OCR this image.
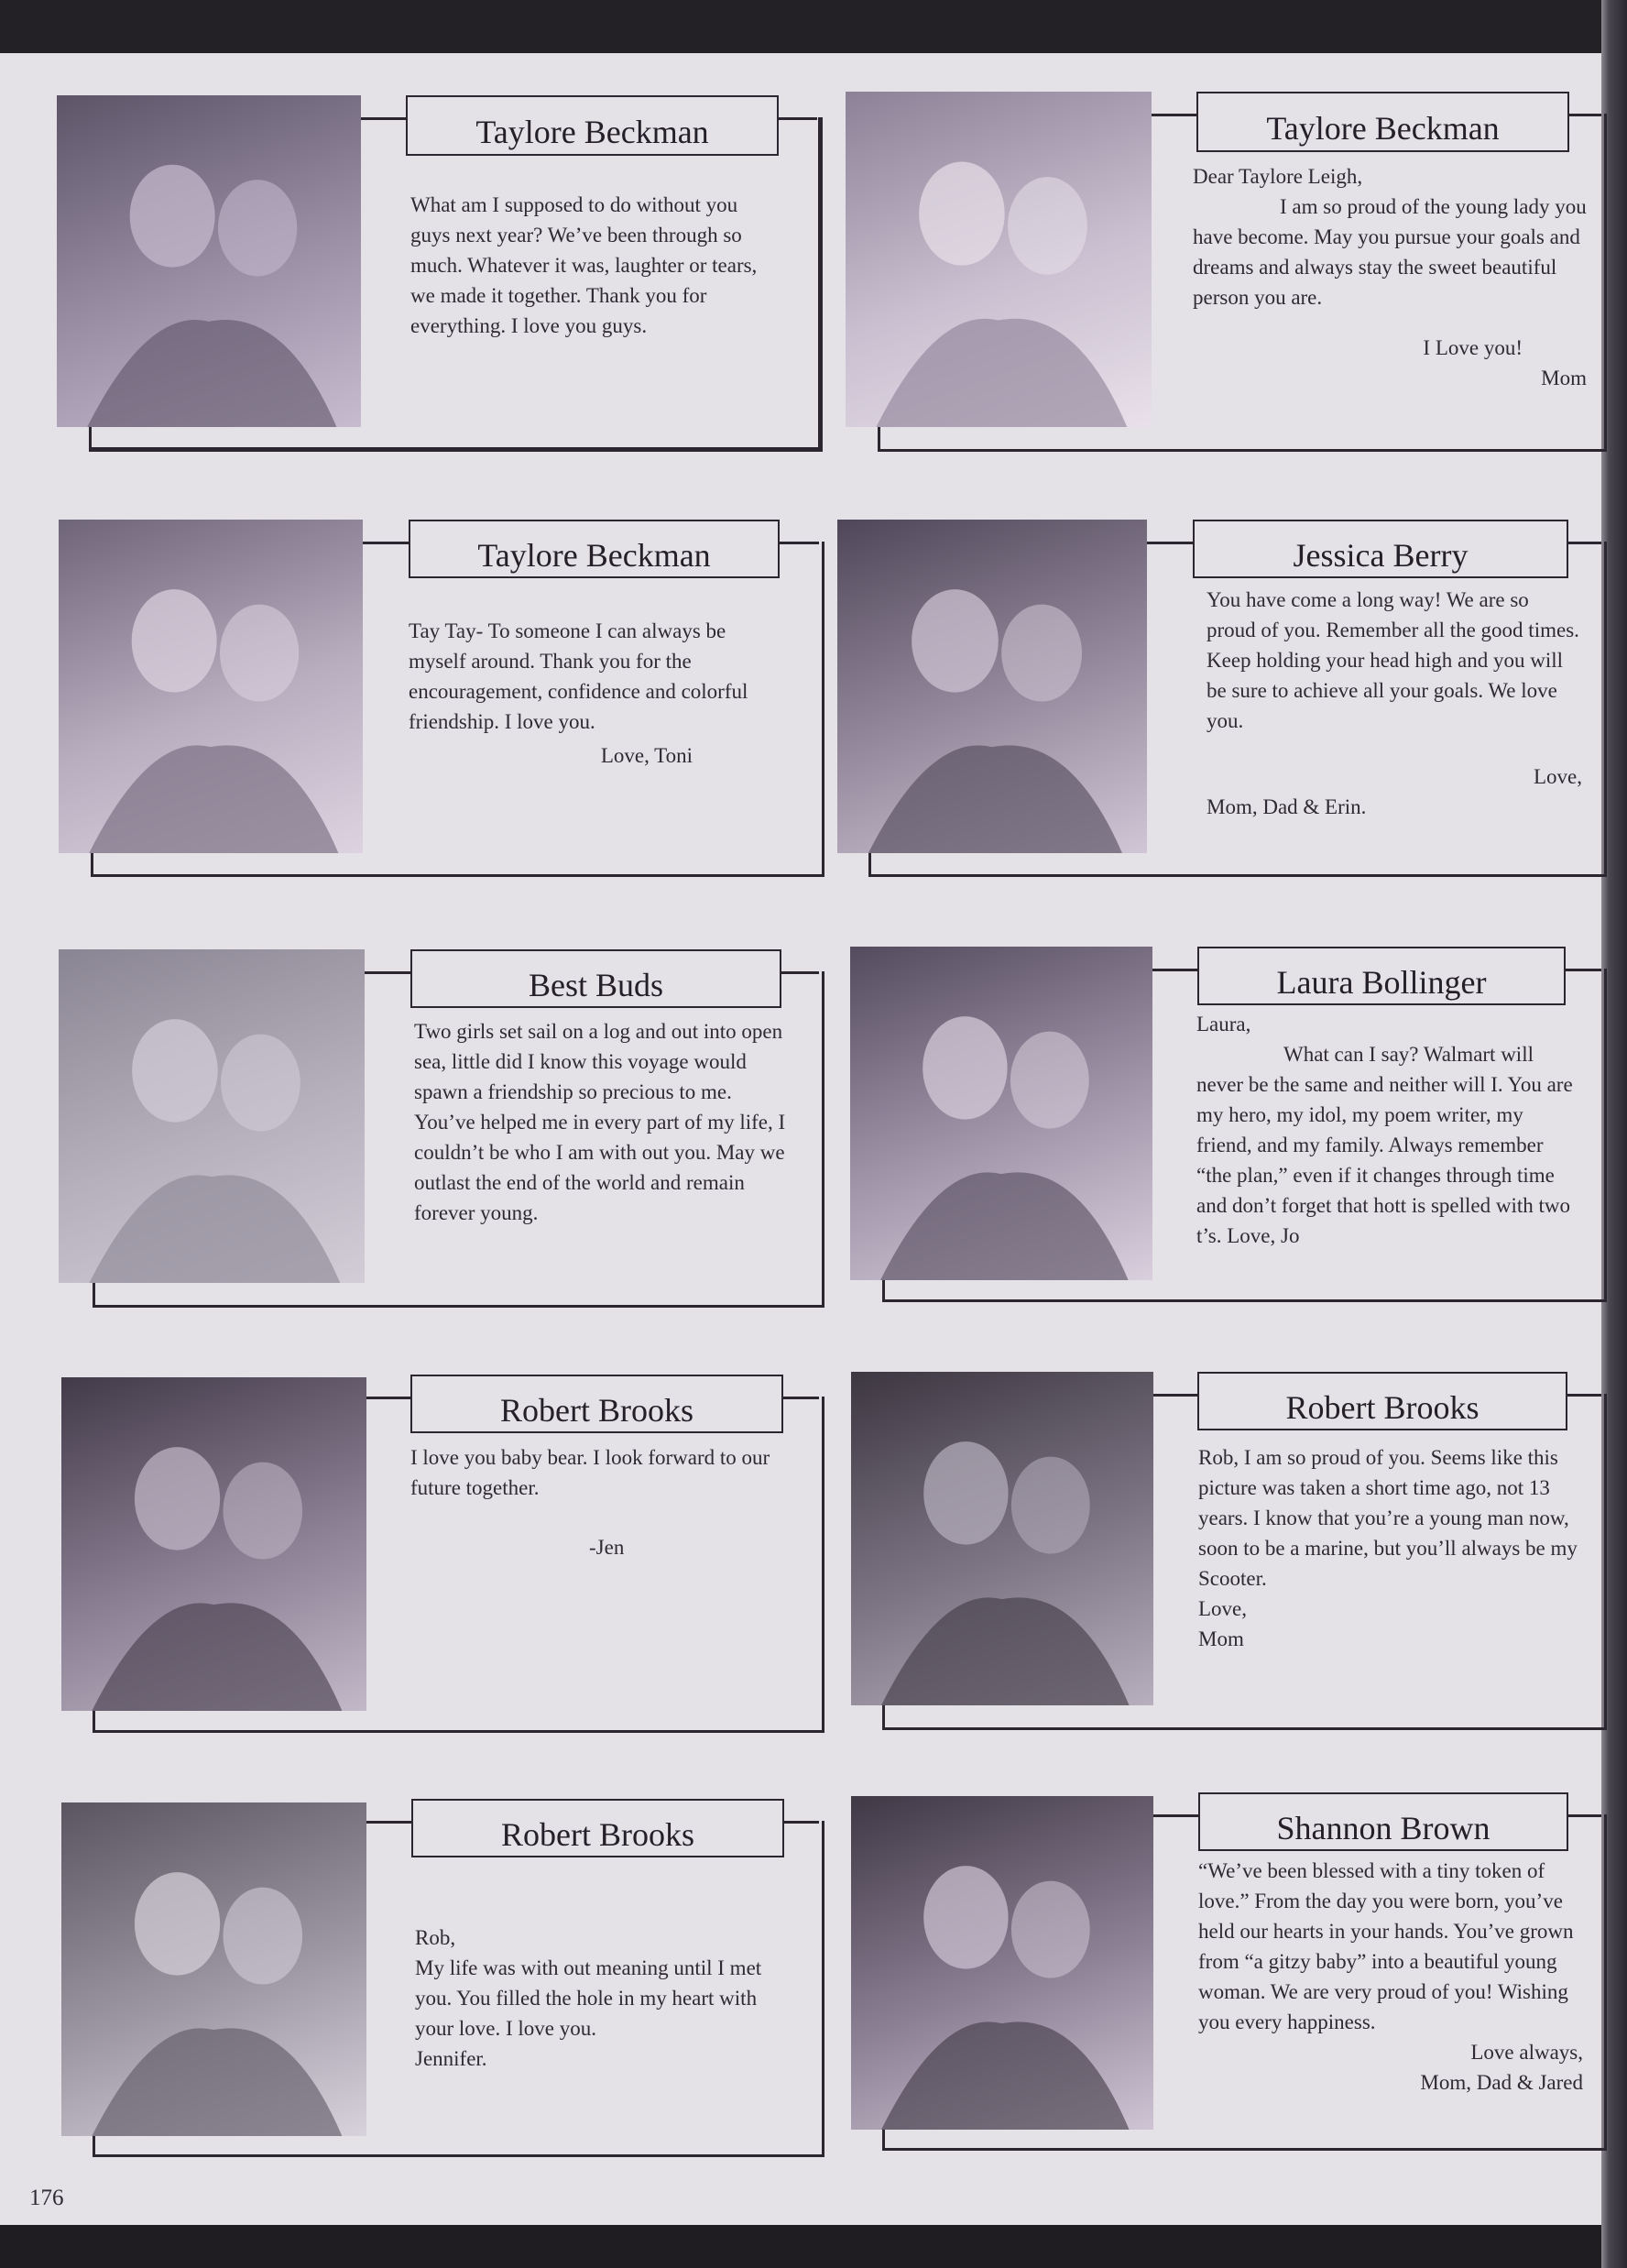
Taylore Beckman

What am I supposed to do without you guys next year? We’ve been through so much. Whatever it was, laughter or tears, we made it together. Thank you for everything. I love you guys.

Taylore Beckman

Dear Taylore Leigh,

I am so proud of the young lady you have become. May you pursue your goals and dreams and always stay the sweet beautiful person you are.

I Love you!

Mom

Taylore Beckman

Tay Tay- To someone I can always be myself around. Thank you for the encouragement, confidence and colorful friendship. I love you.

Love, Toni

Jessica Berry

You have come a long way! We are so proud of you. Remember all the good times. Keep holding your head high and you will be sure to achieve all your goals. We love you.

Love,

Mom, Dad & Erin.

Best Buds

Two girls set sail on a log and out into open sea, little did I know this voyage would spawn a friendship so precious to me. You’ve helped me in every part of my life, I couldn’t be who I am with out you. May we outlast the end of the world and remain forever young.

Laura Bollinger

Laura,

What can I say? Walmart will never be the same and neither will I. You are my hero, my idol, my poem writer, my friend, and my family. Always remember “the plan,” even if it changes through time and don’t forget that hott is spelled with two t’s. Love, Jo

Robert Brooks

I love you baby bear. I look forward to our future together.

-Jen

Robert Brooks

Rob, I am so proud of you. Seems like this picture was taken a short time ago, not 13 years. I know that you’re a young man now, soon to be a marine, but you’ll always be my Scooter.

Love,

Mom

Robert Brooks

Rob,

My life was with out meaning until I met you. You filled the hole in my heart with your love. I love you.

Jennifer.

Shannon Brown

“We’ve been blessed with a tiny token of love.” From the day you were born, you’ve held our hearts in your hands. You’ve grown from “a gitzy baby” into a beautiful young woman. We are very proud of you! Wishing you every happiness.

Love always,

Mom, Dad & Jared

176
